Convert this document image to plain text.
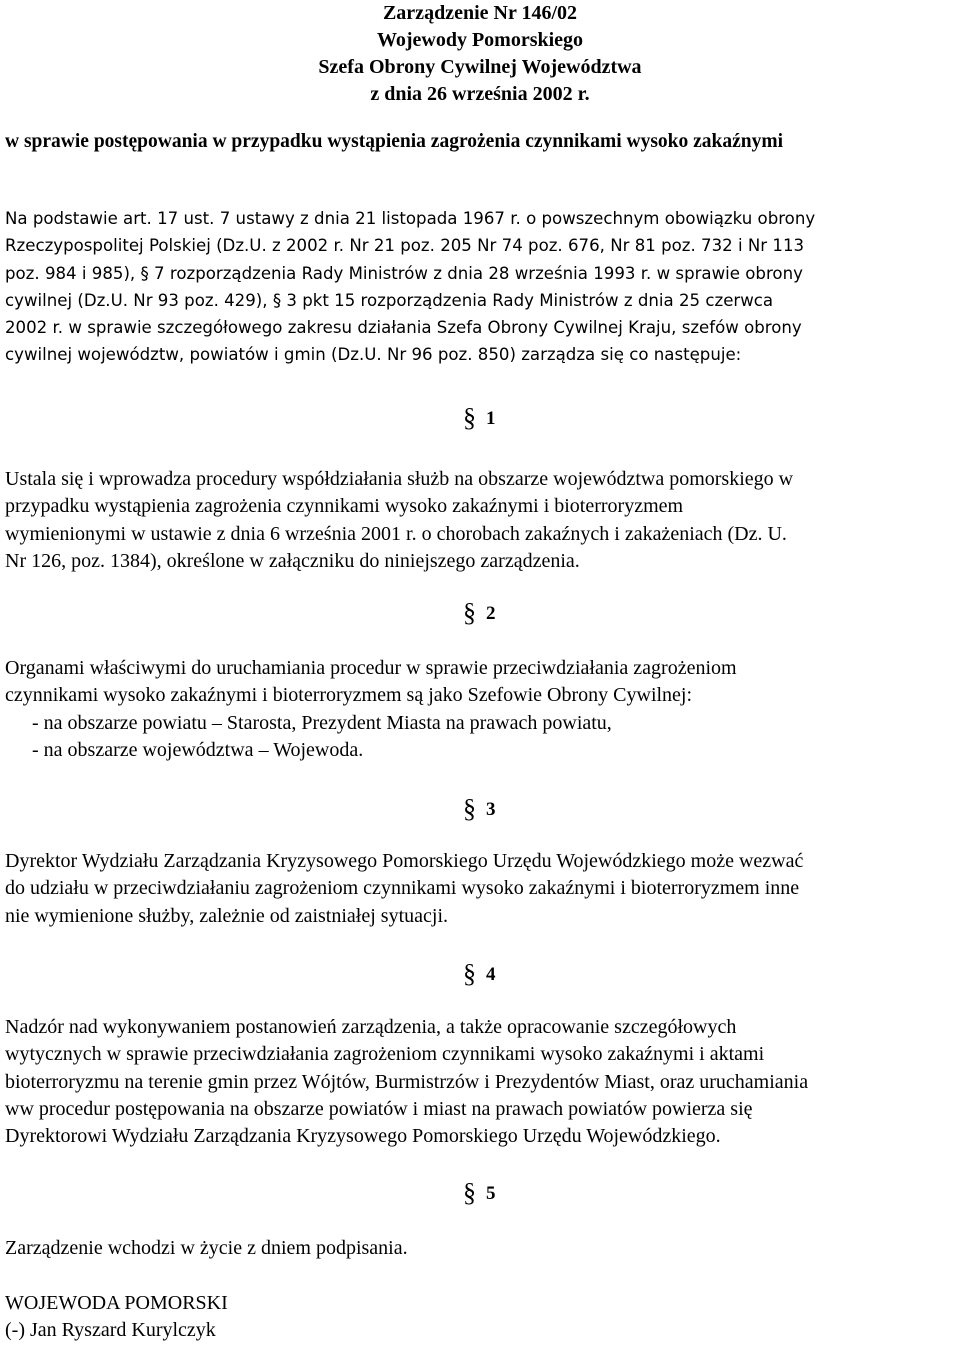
Zarządzenie Nr 146/02
Wojewody Pomorskiego
Szefa Obrony Cywilnej Województwa
z dnia 26 września 2002 r.
w sprawie postępowania w przypadku wystąpienia zagrożenia czynnikami wysoko zakaźnymi
Na podstawie art. 17 ust. 7 ustawy z dnia 21 listopada 1967 r. o powszechnym obowiązku obrony
Rzeczypospolitej Polskiej (Dz.U. z 2002 r. Nr 21 poz. 205 Nr 74 poz. 676, Nr 81 poz. 732 i Nr 113
poz. 984 i 985), § 7 rozporządzenia Rady Ministrów z dnia 28 września 1993 r. w sprawie obrony
cywilnej (Dz.U. Nr 93 poz. 429), § 3 pkt 15 rozporządzenia Rady Ministrów z dnia 25 czerwca
2002 r. w sprawie szczegółowego zakresu działania Szefa Obrony Cywilnej Kraju, szefów obrony
cywilnej województw, powiatów i gmin (Dz.U. Nr 96 poz. 850) zarządza się co następuje:
§ 1
Ustala się i wprowadza procedury współdziałania służb na obszarze województwa pomorskiego w
przypadku wystąpienia zagrożenia czynnikami wysoko zakaźnymi i bioterroryzmem
wymienionymi w ustawie z dnia 6 września 2001 r. o chorobach zakaźnych i zakażeniach (Dz. U.
Nr 126, poz. 1384), określone w załączniku do niniejszego zarządzenia.
§ 2
Organami właściwymi do uruchamiania procedur w sprawie przeciwdziałania zagrożeniom
czynnikami wysoko zakaźnymi i bioterroryzmem są jako Szefowie Obrony Cywilnej:
- na obszarze powiatu – Starosta, Prezydent Miasta na prawach powiatu,
- na obszarze województwa – Wojewoda.
§ 3
Dyrektor Wydziału Zarządzania Kryzysowego Pomorskiego Urzędu Wojewódzkiego może wezwać
do udziału w przeciwdziałaniu zagrożeniom czynnikami wysoko zakaźnymi i bioterroryzmem inne
nie wymienione służby, zależnie od zaistniałej sytuacji.
§ 4
Nadzór nad wykonywaniem postanowień zarządzenia, a także opracowanie szczegółowych
wytycznych w sprawie przeciwdziałania zagrożeniom czynnikami wysoko zakaźnymi i aktami
bioterroryzmu na terenie gmin przez Wójtów, Burmistrzów i Prezydentów Miast, oraz uruchamiania
ww procedur postępowania na obszarze powiatów i miast na prawach powiatów powierza się
Dyrektorowi Wydziału Zarządzania Kryzysowego Pomorskiego Urzędu Wojewódzkiego.
§ 5
Zarządzenie wchodzi w życie z dniem podpisania.
WOJEWODA POMORSKI
(-) Jan Ryszard Kurylczyk
